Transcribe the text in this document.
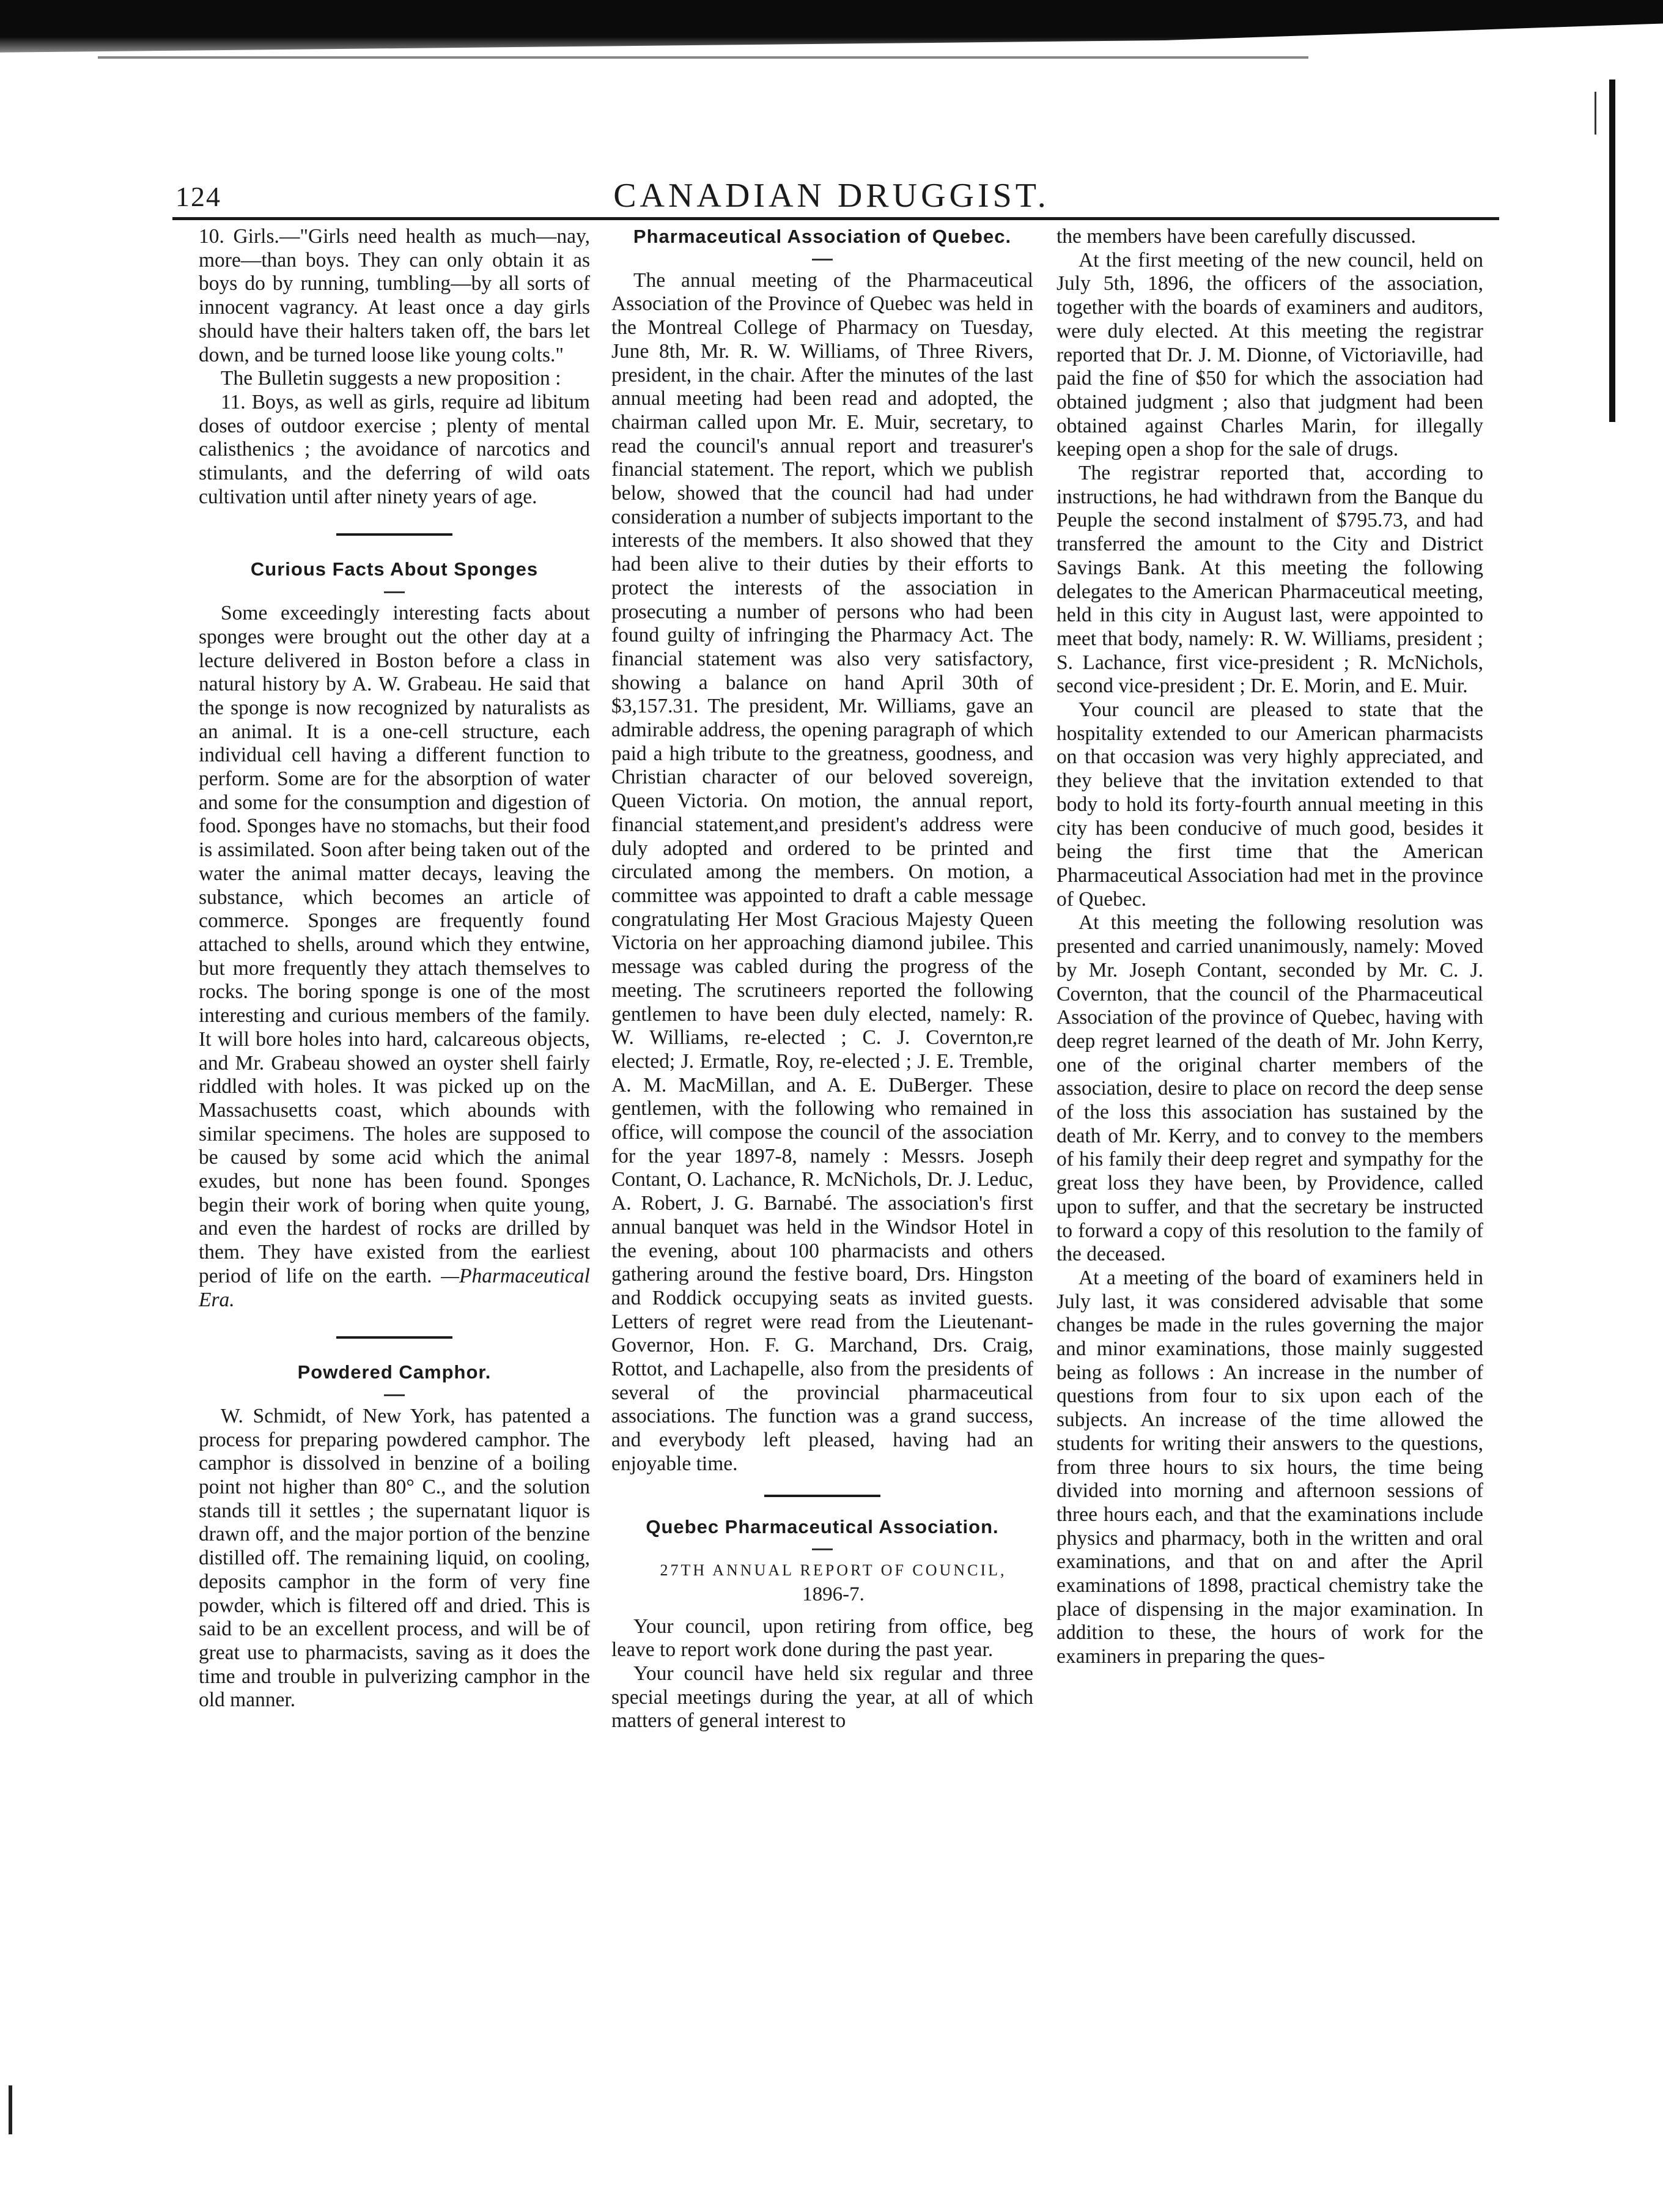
124	CANADIAN DRUGGIST.

10. Girls.—"Girls need health as much—nay, more—than boys. They can only obtain it as boys do by running, tumbling—by all sorts of innocent vagrancy. At least once a day girls should have their halters taken off, the bars let down, and be turned loose like young colts."

The Bulletin suggests a new proposition :

11. Boys, as well as girls, require ad libitum doses of outdoor exercise ; plenty of mental calisthenics ; the avoidance of narcotics and stimulants, and the deferring of wild oats cultivation until after ninety years of age.

Curious Facts About Sponges

Some exceedingly interesting facts about sponges were brought out the other day at a lecture delivered in Boston before a class in natural history by A. W. Grabeau. He said that the sponge is now recognized by naturalists as an animal. It is a one-cell structure, each individual cell having a different function to perform. Some are for the absorption of water and some for the consumption and digestion of food. Sponges have no stomachs, but their food is assimilated. Soon after being taken out of the water the animal matter decays, leaving the substance, which becomes an article of commerce. Sponges are frequently found attached to shells, around which they entwine, but more frequently they attach themselves to rocks. The boring sponge is one of the most interesting and curious members of the family. It will bore holes into hard, calcareous objects, and Mr. Grabeau showed an oyster shell fairly riddled with holes. It was picked up on the Massachusetts coast, which abounds with similar specimens. The holes are supposed to be caused by some acid which the animal exudes, but none has been found. Sponges begin their work of boring when quite young, and even the hardest of rocks are drilled by them. They have existed from the earliest period of life on the earth. —Pharmaceutical Era.

Powdered Camphor.

W. Schmidt, of New York, has patented a process for preparing powdered camphor. The camphor is dissolved in benzine of a boiling point not higher than 80° C., and the solution stands till it settles ; the supernatant liquor is drawn off, and the major portion of the benzine distilled off. The remaining liquid, on cooling, deposits camphor in the form of very fine powder, which is filtered off and dried. This is said to be an excellent process, and will be of great use to pharmacists, saving as it does the time and trouble in pulverizing camphor in the old manner.

Pharmaceutical Association of Quebec.

The annual meeting of the Pharmaceutical Association of the Province of Quebec was held in the Montreal College of Pharmacy on Tuesday, June 8th, Mr. R. W. Williams, of Three Rivers, president, in the chair. After the minutes of the last annual meeting had been read and adopted, the chairman called upon Mr. E. Muir, secretary, to read the council's annual report and treasurer's financial statement. The report, which we publish below, showed that the council had had under consideration a number of subjects important to the interests of the members. It also showed that they had been alive to their duties by their efforts to protect the interests of the association in prosecuting a number of persons who had been found guilty of infringing the Pharmacy Act. The financial statement was also very satisfactory, showing a balance on hand April 30th of $3,157.31. The president, Mr. Williams, gave an admirable address, the opening paragraph of which paid a high tribute to the greatness, goodness, and Christian character of our beloved sovereign, Queen Victoria. On motion, the annual report, financial statement,and president's address were duly adopted and ordered to be printed and circulated among the members. On motion, a committee was appointed to draft a cable message congratulating Her Most Gracious Majesty Queen Victoria on her approaching diamond jubilee. This message was cabled during the progress of the meeting. The scrutineers reported the following gentlemen to have been duly elected, namely: R. W. Williams, re-elected ; C. J. Covernton,re elected; J. Ermatle, Roy, re-elected ; J. E. Tremble, A. M. MacMillan, and A. E. DuBerger. These gentlemen, with the following who remained in office, will compose the council of the association for the year 1897-8, namely : Messrs. Joseph Contant, O. Lachance, R. McNichols, Dr. J. Leduc, A. Robert, J. G. Barnabé. The association's first annual banquet was held in the Windsor Hotel in the evening, about 100 pharmacists and others gathering around the festive board, Drs. Hingston and Roddick occupying seats as invited guests. Letters of regret were read from the Lieutenant-Governor, Hon. F. G. Marchand, Drs. Craig, Rottot, and Lachapelle, also from the presidents of several of the provincial pharmaceutical associations. The function was a grand success, and everybody left pleased, having had an enjoyable time.

Quebec Pharmaceutical Association.

27TH ANNUAL REPORT OF COUNCIL,

1896-7.

Your council, upon retiring from office, beg leave to report work done during the past year.

Your council have held six regular and three special meetings during the year, at all of which matters of general interest to

the members have been carefully discussed.

At the first meeting of the new council, held on July 5th, 1896, the officers of the association, together with the boards of examiners and auditors, were duly elected. At this meeting the registrar reported that Dr. J. M. Dionne, of Victoriaville, had paid the fine of $50 for which the association had obtained judgment ; also that judgment had been obtained against Charles Marin, for illegally keeping open a shop for the sale of drugs.

The registrar reported that, according to instructions, he had withdrawn from the Banque du Peuple the second instalment of $795.73, and had transferred the amount to the City and District Savings Bank. At this meeting the following delegates to the American Pharmaceutical meeting, held in this city in August last, were appointed to meet that body, namely: R. W. Williams, president ; S. Lachance, first vice-president ; R. McNichols, second vice-president ; Dr. E. Morin, and E. Muir.

Your council are pleased to state that the hospitality extended to our American pharmacists on that occasion was very highly appreciated, and they believe that the invitation extended to that body to hold its forty-fourth annual meeting in this city has been conducive of much good, besides it being the first time that the American Pharmaceutical Association had met in the province of Quebec.

At this meeting the following resolution was presented and carried unanimously, namely: Moved by Mr. Joseph Contant, seconded by Mr. C. J. Covernton, that the council of the Pharmaceutical Association of the province of Quebec, having with deep regret learned of the death of Mr. John Kerry, one of the original charter members of the association, desire to place on record the deep sense of the loss this association has sustained by the death of Mr. Kerry, and to convey to the members of his family their deep regret and sympathy for the great loss they have been, by Providence, called upon to suffer, and that the secretary be instructed to forward a copy of this resolution to the family of the deceased.

At a meeting of the board of examiners held in July last, it was considered advisable that some changes be made in the rules governing the major and minor examinations, those mainly suggested being as follows : An increase in the number of questions from four to six upon each of the subjects. An increase of the time allowed the students for writing their answers to the questions, from three hours to six hours, the time being divided into morning and afternoon sessions of three hours each, and that the examinations include physics and pharmacy, both in the written and oral examinations, and that on and after the April examinations of 1898, practical chemistry take the place of dispensing in the major examination. In addition to these, the hours of work for the examiners in preparing the ques-
